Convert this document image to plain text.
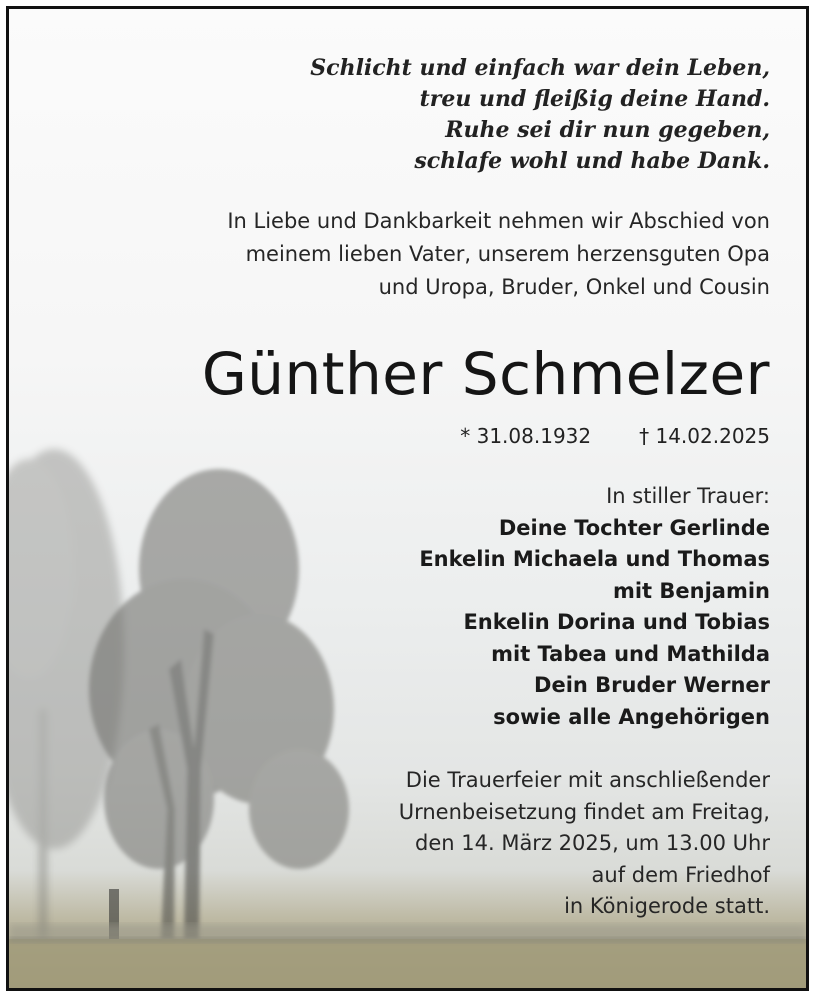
Schlicht und einfach war dein Leben,
treu und fleißig deine Hand.
Ruhe sei dir nun gegeben,
schlafe wohl und habe Dank.
In Liebe und Dankbarkeit nehmen wir Abschied von
meinem lieben Vater, unserem herzensguten Opa
und Uropa, Bruder, Onkel und Cousin
Günther Schmelzer
* 31.08.1932 † 14.02.2025
In stiller Trauer:
Deine Tochter Gerlinde
Enkelin Michaela und Thomas
mit Benjamin
Enkelin Dorina und Tobias
mit Tabea und Mathilda
Dein Bruder Werner
sowie alle Angehörigen
Die Trauerfeier mit anschließender
Urnenbeisetzung findet am Freitag,
den 14. März 2025, um 13.00 Uhr
auf dem Friedhof
in Königerode statt.
